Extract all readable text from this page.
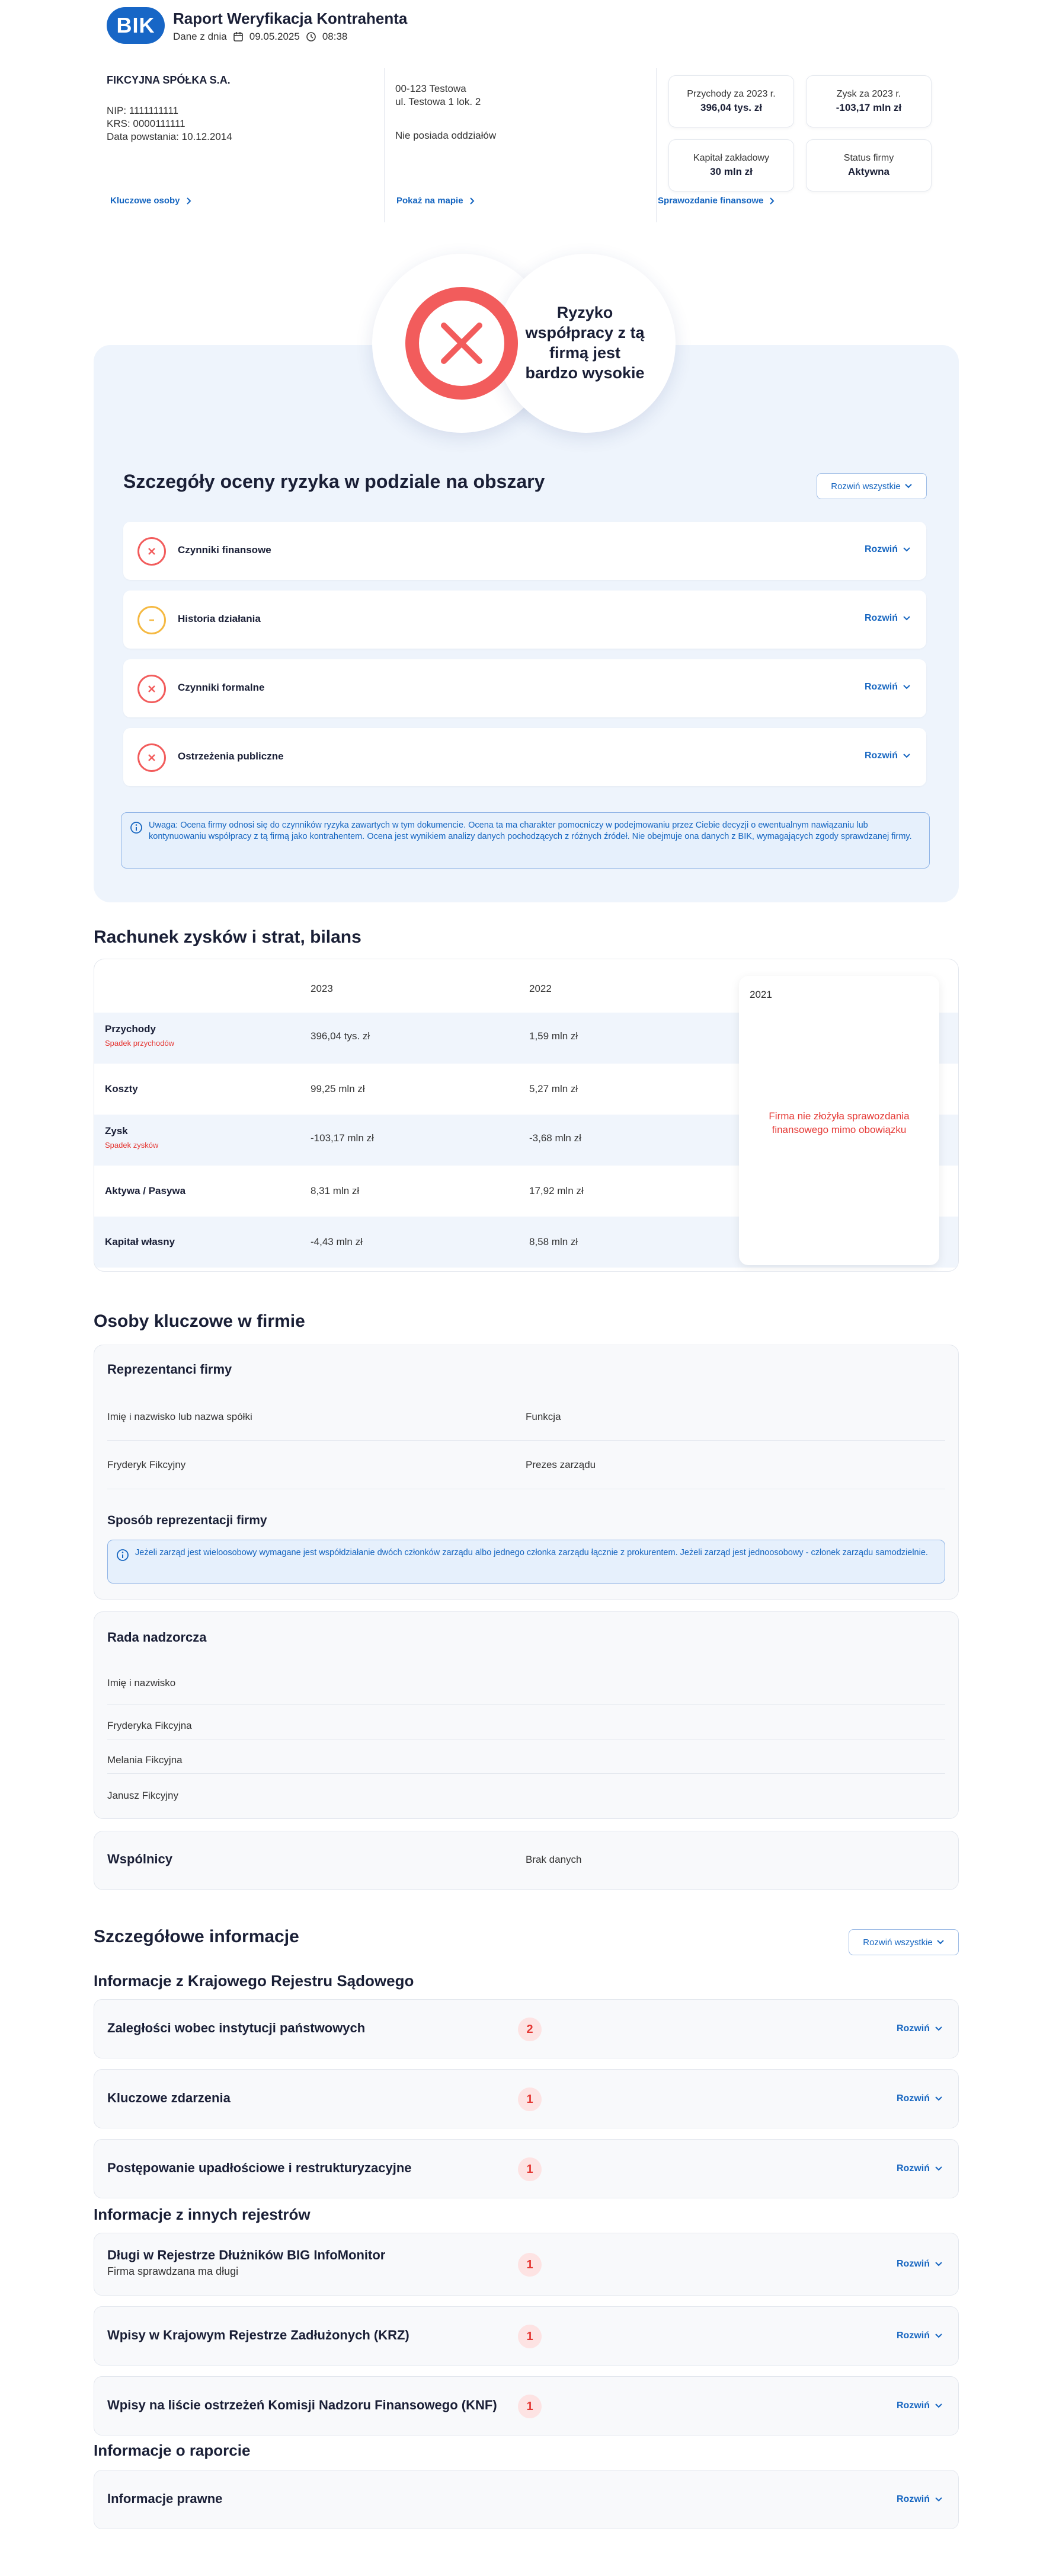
BIK	Raport Weryfikacja Kontrahenta
Dane z dnia 09.05.2025 08:38
FIKCYJNA SPÓŁKA S.A.
NIP: 1111111111
KRS: 0000111111
Data powstania: 10.12.2014
Kluczowe osoby
00-123 Testowa
ul. Testowa 1 lok. 2
Nie posiada oddziałów
Pokaż na mapie
Przychody za 2023 r.
396,04 tys. zł
Zysk za 2023 r.
-103,17 mln zł
Kapitał zakładowy
30 mln zł
Status firmy
Aktywna
Sprawozdanie finansowe
Ryzyko współpracy z tą firmą jest bardzo wysokie
Szczegóły oceny ryzyka w podziale na obszary	Rozwiń wszystkie
Czynniki finansowe	Rozwiń
Historia działania	Rozwiń
Czynniki formalne	Rozwiń
Ostrzeżenia publiczne	Rozwiń
Uwaga: Ocena firmy odnosi się do czynników ryzyka zawartych w tym dokumencie. Ocena ta ma charakter pomocniczy w podejmowaniu przez Ciebie decyzji o ewentualnym nawiązaniu lub kontynuowaniu współpracy z tą firmą jako kontrahentem. Ocena jest wynikiem analizy danych pochodzących z różnych źródeł. Nie obejmuje ona danych z BIK, wymagających zgody sprawdzanej firmy.
Rachunek zysków i strat, bilans
2023	2022
Przychody
Spadek przychodów
396,04 tys. zł	1,59 mln zł
Koszty	99,25 mln zł	5,27 mln zł
Zysk
Spadek zysków
-103,17 mln zł	-3,68 mln zł
Aktywa / Pasywa	8,31 mln zł	17,92 mln zł
Kapitał własny	-4,43 mln zł	8,58 mln zł
2021
Firma nie złożyła sprawozdania finansowego mimo obowiązku
Osoby kluczowe w firmie
Reprezentanci firmy
Imię i nazwisko lub nazwa spółki	Funkcja
Fryderyk Fikcyjny	Prezes zarządu
Sposób reprezentacji firmy
Jeżeli zarząd jest wieloosobowy wymagane jest współdziałanie dwóch członków zarządu albo jednego członka zarządu łącznie z prokurentem. Jeżeli zarząd jest jednoosobowy - członek zarządu samodzielnie.
Rada nadzorcza
Imię i nazwisko
Fryderyka Fikcyjna
Melania Fikcyjna
Janusz Fikcyjny
Wspólnicy	Brak danych
Szczegółowe informacje	Rozwiń wszystkie
Informacje z Krajowego Rejestru Sądowego
Zaległości wobec instytucji państwowych	2	Rozwiń
Kluczowe zdarzenia	1	Rozwiń
Postępowanie upadłościowe i restrukturyzacyjne	1	Rozwiń
Informacje z innych rejestrów
Długi w Rejestrze Dłużników BIG InfoMonitor
Firma sprawdzana ma długi	1	Rozwiń
Wpisy w Krajowym Rejestrze Zadłużonych (KRZ)	1	Rozwiń
Wpisy na liście ostrzeżeń Komisji Nadzoru Finansowego (KNF)	1	Rozwiń
Informacje o raporcie
Informacje prawne	Rozwiń
